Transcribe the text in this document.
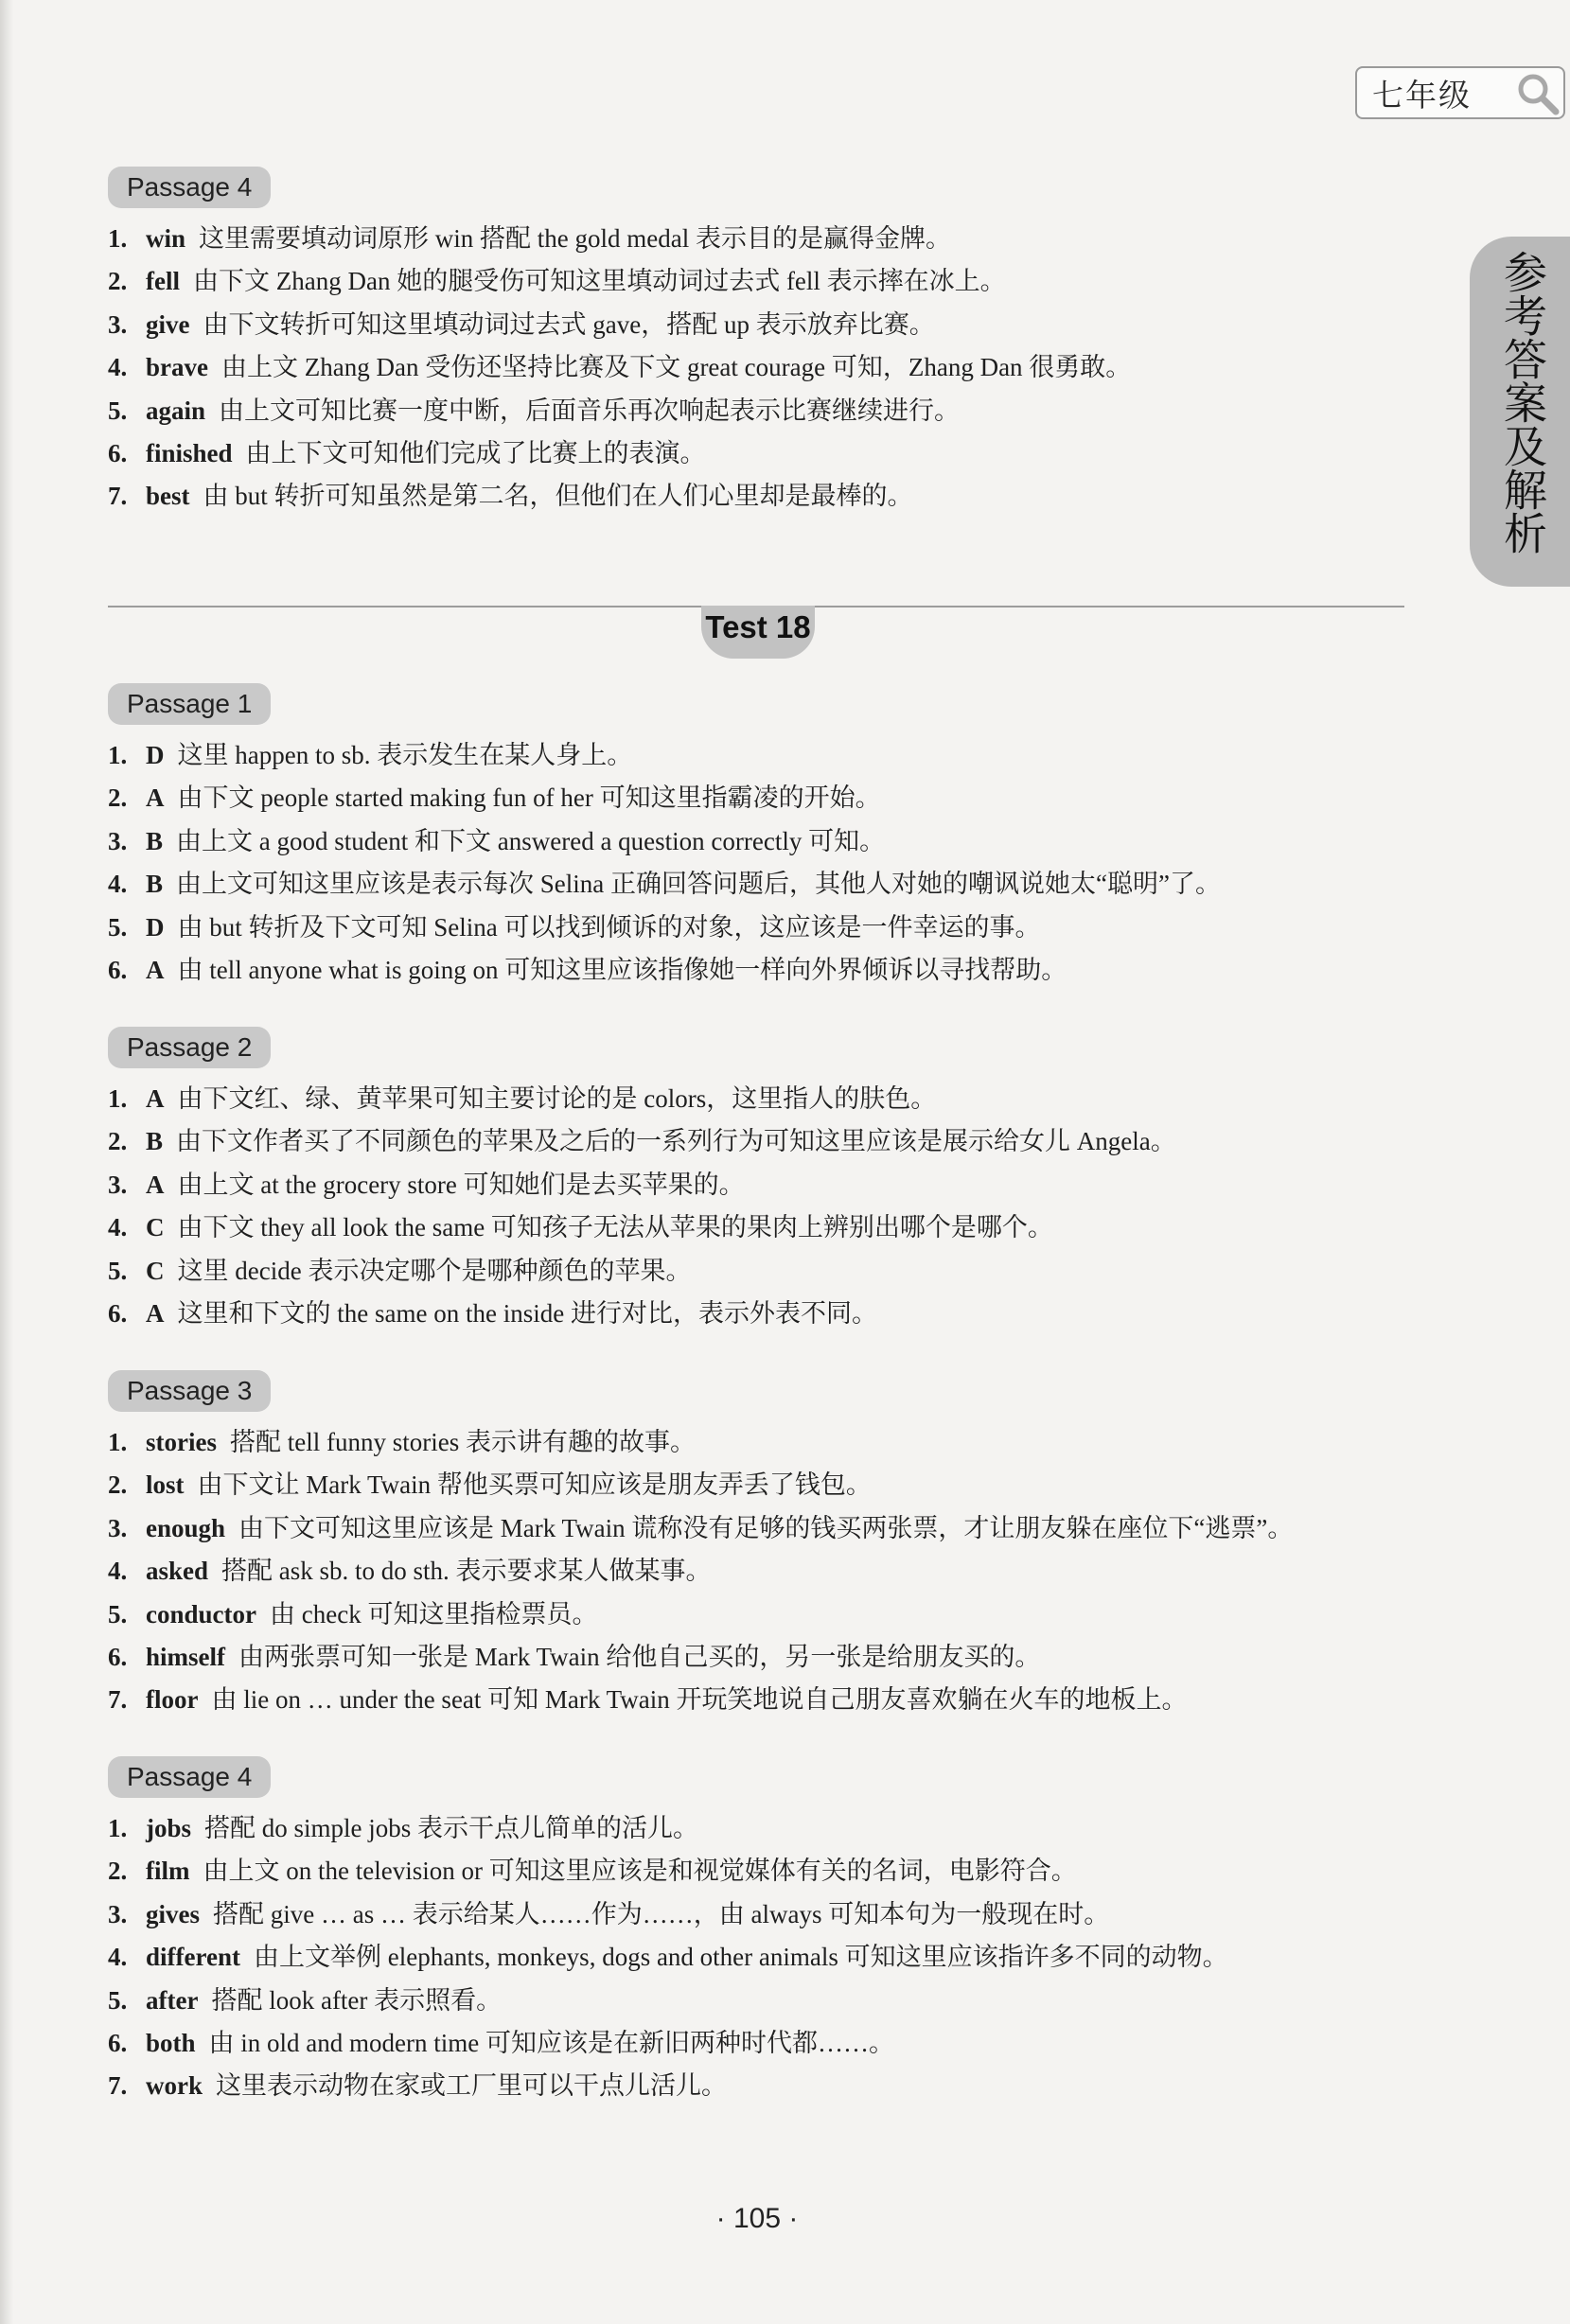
七年级
参考答案及解析
Passage 4
1. win 这里需要填动词原形 win 搭配 the gold medal 表示目的是赢得金牌。
2. fell 由下文 Zhang Dan 她的腿受伤可知这里填动词过去式 fell 表示摔在冰上。
3. give 由下文转折可知这里填动词过去式 gave，搭配 up 表示放弃比赛。
4. brave 由上文 Zhang Dan 受伤还坚持比赛及下文 great courage 可知，Zhang Dan 很勇敢。
5. again 由上文可知比赛一度中断，后面音乐再次响起表示比赛继续进行。
6. finished 由上下文可知他们完成了比赛上的表演。
7. best 由 but 转折可知虽然是第二名，但他们在人们心里却是最棒的。
Test 18
Passage 1
1. D 这里 happen to sb. 表示发生在某人身上。
2. A 由下文 people started making fun of her 可知这里指霸凌的开始。
3. B 由上文 a good student 和下文 answered a question correctly 可知。
4. B 由上文可知这里应该是表示每次 Selina 正确回答问题后，其他人对她的嘲讽说她太“聪明”了。
5. D 由 but 转折及下文可知 Selina 可以找到倾诉的对象，这应该是一件幸运的事。
6. A 由 tell anyone what is going on 可知这里应该指像她一样向外界倾诉以寻找帮助。
Passage 2
1. A 由下文红、绿、黄苹果可知主要讨论的是 colors，这里指人的肤色。
2. B 由下文作者买了不同颜色的苹果及之后的一系列行为可知这里应该是展示给女儿 Angela。
3. A 由上文 at the grocery store 可知她们是去买苹果的。
4. C 由下文 they all look the same 可知孩子无法从苹果的果肉上辨别出哪个是哪个。
5. C 这里 decide 表示决定哪个是哪种颜色的苹果。
6. A 这里和下文的 the same on the inside 进行对比，表示外表不同。
Passage 3
1. stories 搭配 tell funny stories 表示讲有趣的故事。
2. lost 由下文让 Mark Twain 帮他买票可知应该是朋友弄丢了钱包。
3. enough 由下文可知这里应该是 Mark Twain 谎称没有足够的钱买两张票，才让朋友躲在座位下“逃票”。
4. asked 搭配 ask sb. to do sth. 表示要求某人做某事。
5. conductor 由 check 可知这里指检票员。
6. himself 由两张票可知一张是 Mark Twain 给他自己买的，另一张是给朋友买的。
7. floor 由 lie on … under the seat 可知 Mark Twain 开玩笑地说自己朋友喜欢躺在火车的地板上。
Passage 4
1. jobs 搭配 do simple jobs 表示干点儿简单的活儿。
2. film 由上文 on the television or 可知这里应该是和视觉媒体有关的名词，电影符合。
3. gives 搭配 give … as … 表示给某人……作为……，由 always 可知本句为一般现在时。
4. different 由上文举例 elephants, monkeys, dogs and other animals 可知这里应该指许多不同的动物。
5. after 搭配 look after 表示照看。
6. both 由 in old and modern time 可知应该是在新旧两种时代都……。
7. work 这里表示动物在家或工厂里可以干点儿活儿。
· 105 ·
